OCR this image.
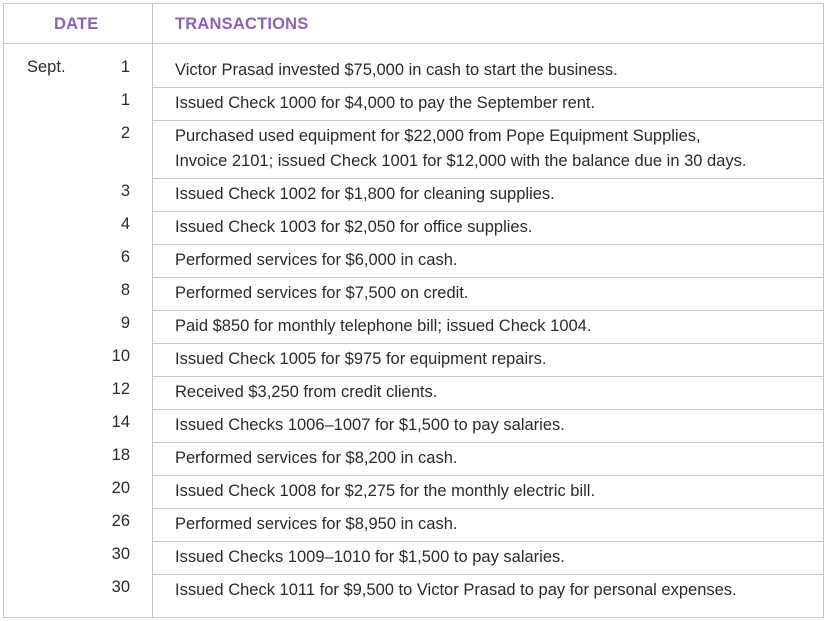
DATE	TRANSACTIONS
Sept.	1	Victor Prasad invested $75,000 in cash to start the business.
1	Issued Check 1000 for $4,000 to pay the September rent.
2	Purchased used equipment for $22,000 from Pope Equipment Supplies,
Invoice 2101; issued Check 1001 for $12,000 with the balance due in 30 days.
3	Issued Check 1002 for $1,800 for cleaning supplies.
4	Issued Check 1003 for $2,050 for office supplies.
6	Performed services for $6,000 in cash.
8	Performed services for $7,500 on credit.
9	Paid $850 for monthly telephone bill; issued Check 1004.
10	Issued Check 1005 for $975 for equipment repairs.
12	Received $3,250 from credit clients.
14	Issued Checks 1006–1007 for $1,500 to pay salaries.
18	Performed services for $8,200 in cash.
20	Issued Check 1008 for $2,275 for the monthly electric bill.
26	Performed services for $8,950 in cash.
30	Issued Checks 1009–1010 for $1,500 to pay salaries.
30	Issued Check 1011 for $9,500 to Victor Prasad to pay for personal expenses.
